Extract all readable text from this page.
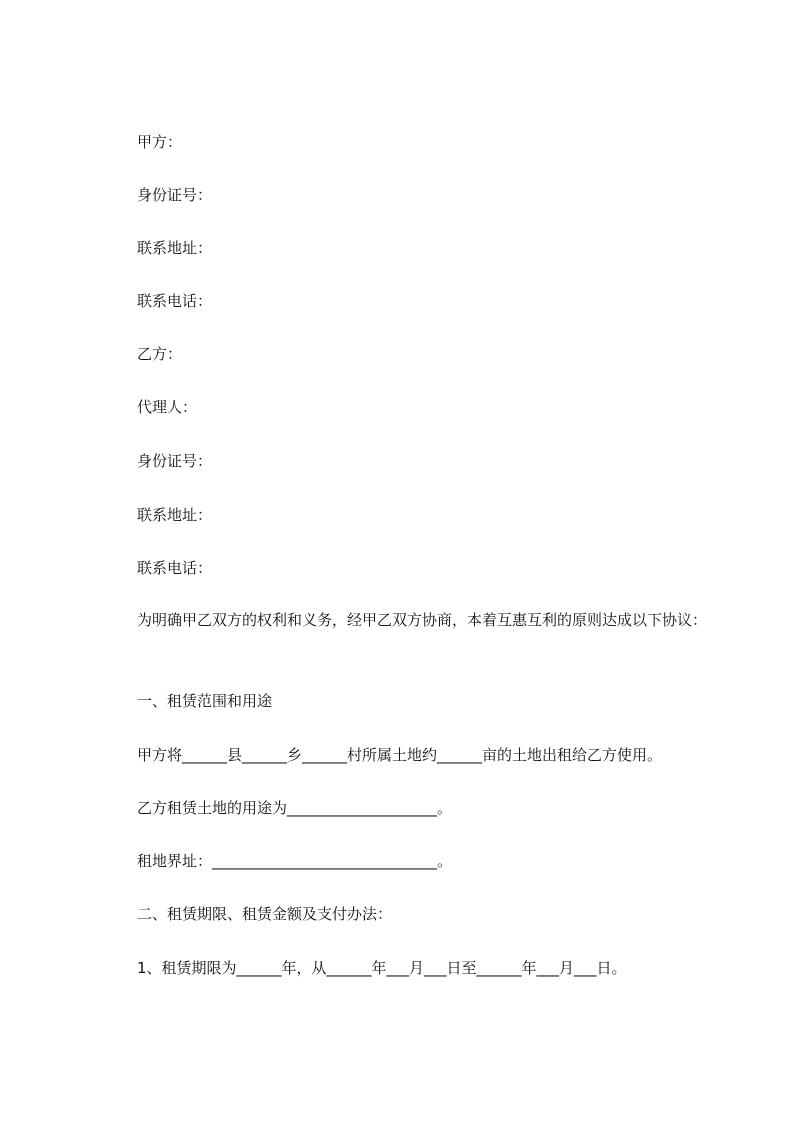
甲方：

身份证号：

联系地址：

联系电话：

乙方：

代理人：

身份证号：

联系地址：

联系电话：

为明确甲乙双方的权利和义务，经甲乙双方协商，本着互惠互利的原则达成以下协议：

一、租赁范围和用途

甲方将______县______乡______村所属土地约______亩的土地出租给乙方使用。

乙方租赁土地的用途为____________________。

租地界址：______________________________。

二、租赁期限、租赁金额及支付办法：

1、租赁期限为______年，从______年___月___日至______年___月___日。
